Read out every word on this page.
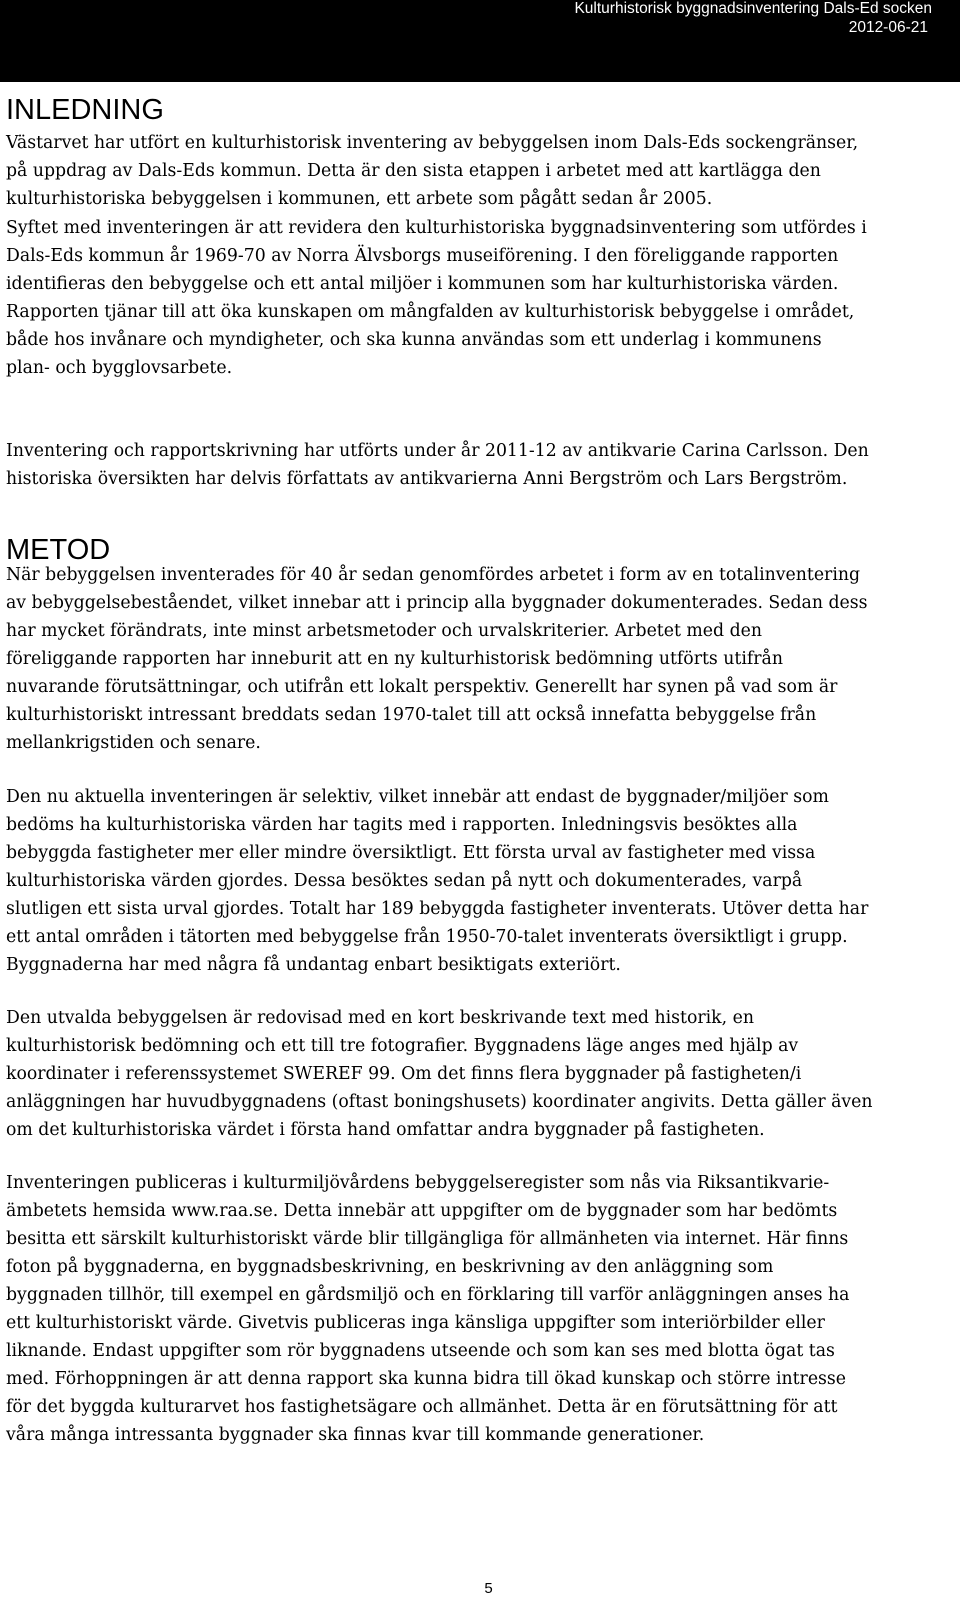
Kulturhistorisk byggnadsinventering Dals-Ed socken
2012-06-21
INLEDNING

Västarvet har utfört en kulturhistorisk inventering av bebyggelsen inom Dals-Eds sockengränser,
på uppdrag av Dals-Eds kommun. Detta är den sista etappen i arbetet med att kartlägga den
kulturhistoriska bebyggelsen i kommunen, ett arbete som pågått sedan år 2005.

Syftet med inventeringen är att revidera den kulturhistoriska byggnadsinventering som utfördes i
Dals-Eds kommun år 1969-70 av Norra Älvsborgs museiförening. I den föreliggande rapporten
identifieras den bebyggelse och ett antal miljöer i kommunen som har kulturhistoriska värden.
Rapporten tjänar till att öka kunskapen om mångfalden av kulturhistorisk bebyggelse i området,
både hos invånare och myndigheter, och ska kunna användas som ett underlag i kommunens
plan- och bygglovsarbete.

Inventering och rapportskrivning har utförts under år 2011-12 av antikvarie Carina Carlsson. Den
historiska översikten har delvis författats av antikvarierna Anni Bergström och Lars Bergström.

METOD

När bebyggelsen inventerades för 40 år sedan genomfördes arbetet i form av en totalinventering
av bebyggelsebeståendet, vilket innebar att i princip alla byggnader dokumenterades. Sedan dess
har mycket förändrats, inte minst arbetsmetoder och urvalskriterier. Arbetet med den
föreliggande rapporten har inneburit att en ny kulturhistorisk bedömning utförts utifrån
nuvarande förutsättningar, och utifrån ett lokalt perspektiv. Generellt har synen på vad som är
kulturhistoriskt intressant breddats sedan 1970-talet till att också innefatta bebyggelse från
mellankrigstiden och senare.

Den nu aktuella inventeringen är selektiv, vilket innebär att endast de byggnader/miljöer som
bedöms ha kulturhistoriska värden har tagits med i rapporten. Inledningsvis besöktes alla
bebyggda fastigheter mer eller mindre översiktligt. Ett första urval av fastigheter med vissa
kulturhistoriska värden gjordes. Dessa besöktes sedan på nytt och dokumenterades, varpå
slutligen ett sista urval gjordes. Totalt har 189 bebyggda fastigheter inventerats. Utöver detta har
ett antal områden i tätorten med bebyggelse från 1950-70-talet inventerats översiktligt i grupp.
Byggnaderna har med några få undantag enbart besiktigats exteriört.

Den utvalda bebyggelsen är redovisad med en kort beskrivande text med historik, en
kulturhistorisk bedömning och ett till tre fotografier. Byggnadens läge anges med hjälp av
koordinater i referenssystemet SWEREF 99. Om det finns flera byggnader på fastigheten/i
anläggningen har huvudbyggnadens (oftast boningshusets) koordinater angivits. Detta gäller även
om det kulturhistoriska värdet i första hand omfattar andra byggnader på fastigheten.

Inventeringen publiceras i kulturmiljövårdens bebyggelseregister som nås via Riksantikvarie-
ämbetets hemsida www.raa.se. Detta innebär att uppgifter om de byggnader som har bedömts
besitta ett särskilt kulturhistoriskt värde blir tillgängliga för allmänheten via internet. Här finns
foton på byggnaderna, en byggnadsbeskrivning, en beskrivning av den anläggning som
byggnaden tillhör, till exempel en gårdsmiljö och en förklaring till varför anläggningen anses ha
ett kulturhistoriskt värde. Givetvis publiceras inga känsliga uppgifter som interiörbilder eller
liknande. Endast uppgifter som rör byggnadens utseende och som kan ses med blotta ögat tas
med. Förhoppningen är att denna rapport ska kunna bidra till ökad kunskap och större intresse
för det byggda kulturarvet hos fastighetsägare och allmänhet. Detta är en förutsättning för att
våra många intressanta byggnader ska finnas kvar till kommande generationer.

5
